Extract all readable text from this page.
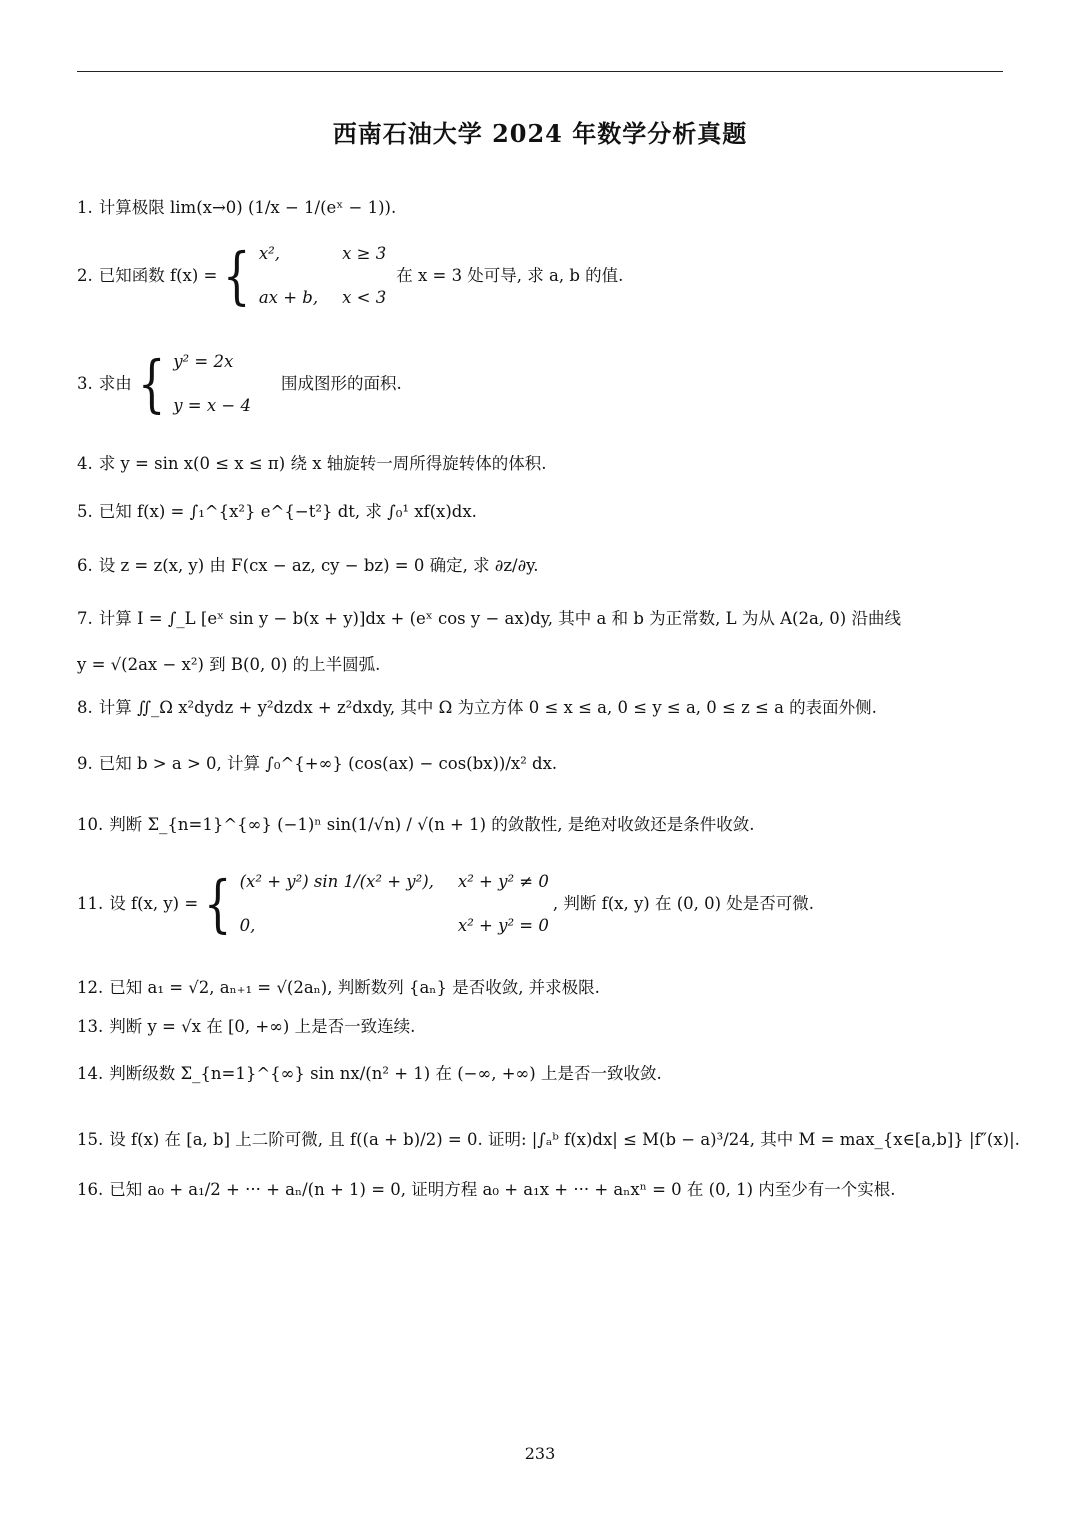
西南石油大学 2024 年数学分析真题
1. 计算极限 lim(x→0) (1/x − 1/(eˣ − 1)).
2. 已知函数 f(x) = { x²,	x ≥ 3
ax + b, x < 3
在 x = 3 处可导, 求 a, b 的值.
3. 求由 { y² = 2x
y = x − 4
围成图形的面积.
4. 求 y = sin x(0 ≤ x ≤ π) 绕 x 轴旋转一周所得旋转体的体积.
5. 已知 f(x) = ∫₁^{x²} e^{−t²} dt, 求 ∫₀¹ xf(x)dx.
6. 设 z = z(x, y) 由 F(cx − az, cy − bz) = 0 确定, 求 ∂z/∂y.
7. 计算 I = ∫_L [eˣ sin y − b(x + y)]dx + (eˣ cos y − ax)dy, 其中 a 和 b 为正常数, L 为从 A(2a, 0) 沿曲线
y = √(2ax − x²) 到 B(0, 0) 的上半圆弧.
8. 计算 ∬_Ω x²dydz + y²dzdx + z²dxdy, 其中 Ω 为立方体 0 ≤ x ≤ a, 0 ≤ y ≤ a, 0 ≤ z ≤ a 的表面外侧.
9. 已知 b > a > 0, 计算 ∫₀^{+∞} (cos(ax) − cos(bx))/x² dx.
10. 判断 Σ_{n=1}^{∞} (−1)ⁿ sin(1/√n) / √(n + 1) 的敛散性, 是绝对收敛还是条件收敛.
11. 设 f(x, y) = { (x² + y²) sin 1/(x² + y²), x² + y² ≠ 0
0,	x² + y² = 0
, 判断 f(x, y) 在 (0, 0) 处是否可微.
12. 已知 a₁ = √2, aₙ₊₁ = √(2aₙ), 判断数列 {aₙ} 是否收敛, 并求极限.
13. 判断 y = √x 在 [0, +∞) 上是否一致连续.
14. 判断级数 Σ_{n=1}^{∞} sin nx/(n² + 1) 在 (−∞, +∞) 上是否一致收敛.
15. 设 f(x) 在 [a, b] 上二阶可微, 且 f((a + b)/2) = 0. 证明: |∫ₐᵇ f(x)dx| ≤ M(b − a)³/24, 其中 M = max_{x∈[a,b]} |f″(x)|.
16. 已知 a₀ + a₁/2 + ··· + aₙ/(n + 1) = 0, 证明方程 a₀ + a₁x + ··· + aₙxⁿ = 0 在 (0, 1) 内至少有一个实根.
233
